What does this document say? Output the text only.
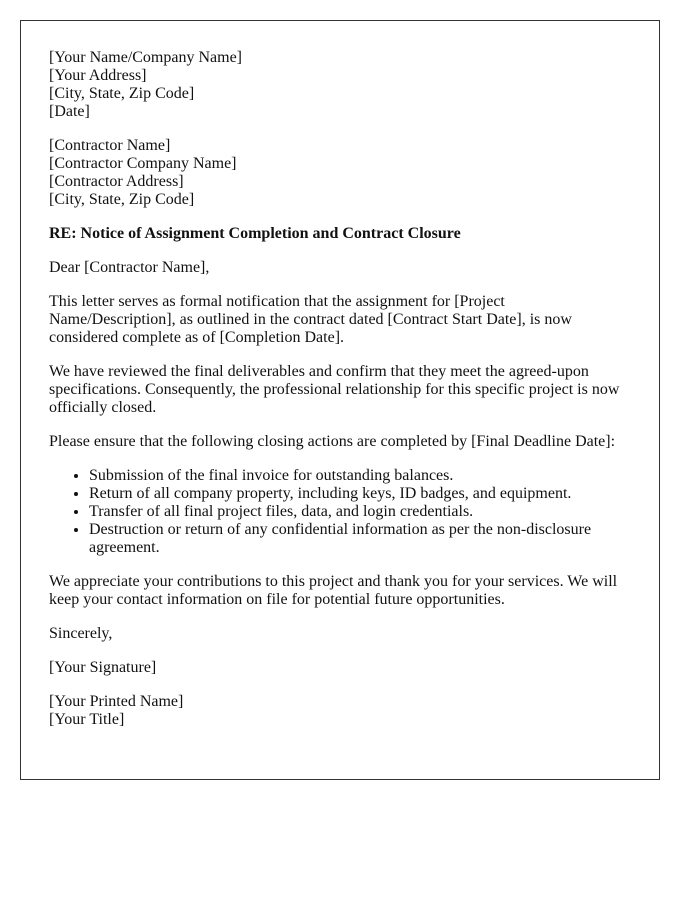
[Your Name/Company Name]
[Your Address]
[City, State, Zip Code]
[Date]
[Contractor Name]
[Contractor Company Name]
[Contractor Address]
[City, State, Zip Code]
RE: Notice of Assignment Completion and Contract Closure

Dear [Contractor Name],

This letter serves as formal notification that the assignment for [Project Name/Description], as outlined in the contract dated [Contract Start Date], is now considered complete as of [Completion Date].

We have reviewed the final deliverables and confirm that they meet the agreed-upon specifications. Consequently, the professional relationship for this specific project is now officially closed.

Please ensure that the following closing actions are completed by [Final Deadline Date]:

• Submission of the final invoice for outstanding balances.
• Return of all company property, including keys, ID badges, and equipment.
• Transfer of all final project files, data, and login credentials.
• Destruction or return of any confidential information as per the non-disclosure agreement.

We appreciate your contributions to this project and thank you for your services. We will keep your contact information on file for potential future opportunities.

Sincerely,

[Your Signature]

[Your Printed Name]
[Your Title]
